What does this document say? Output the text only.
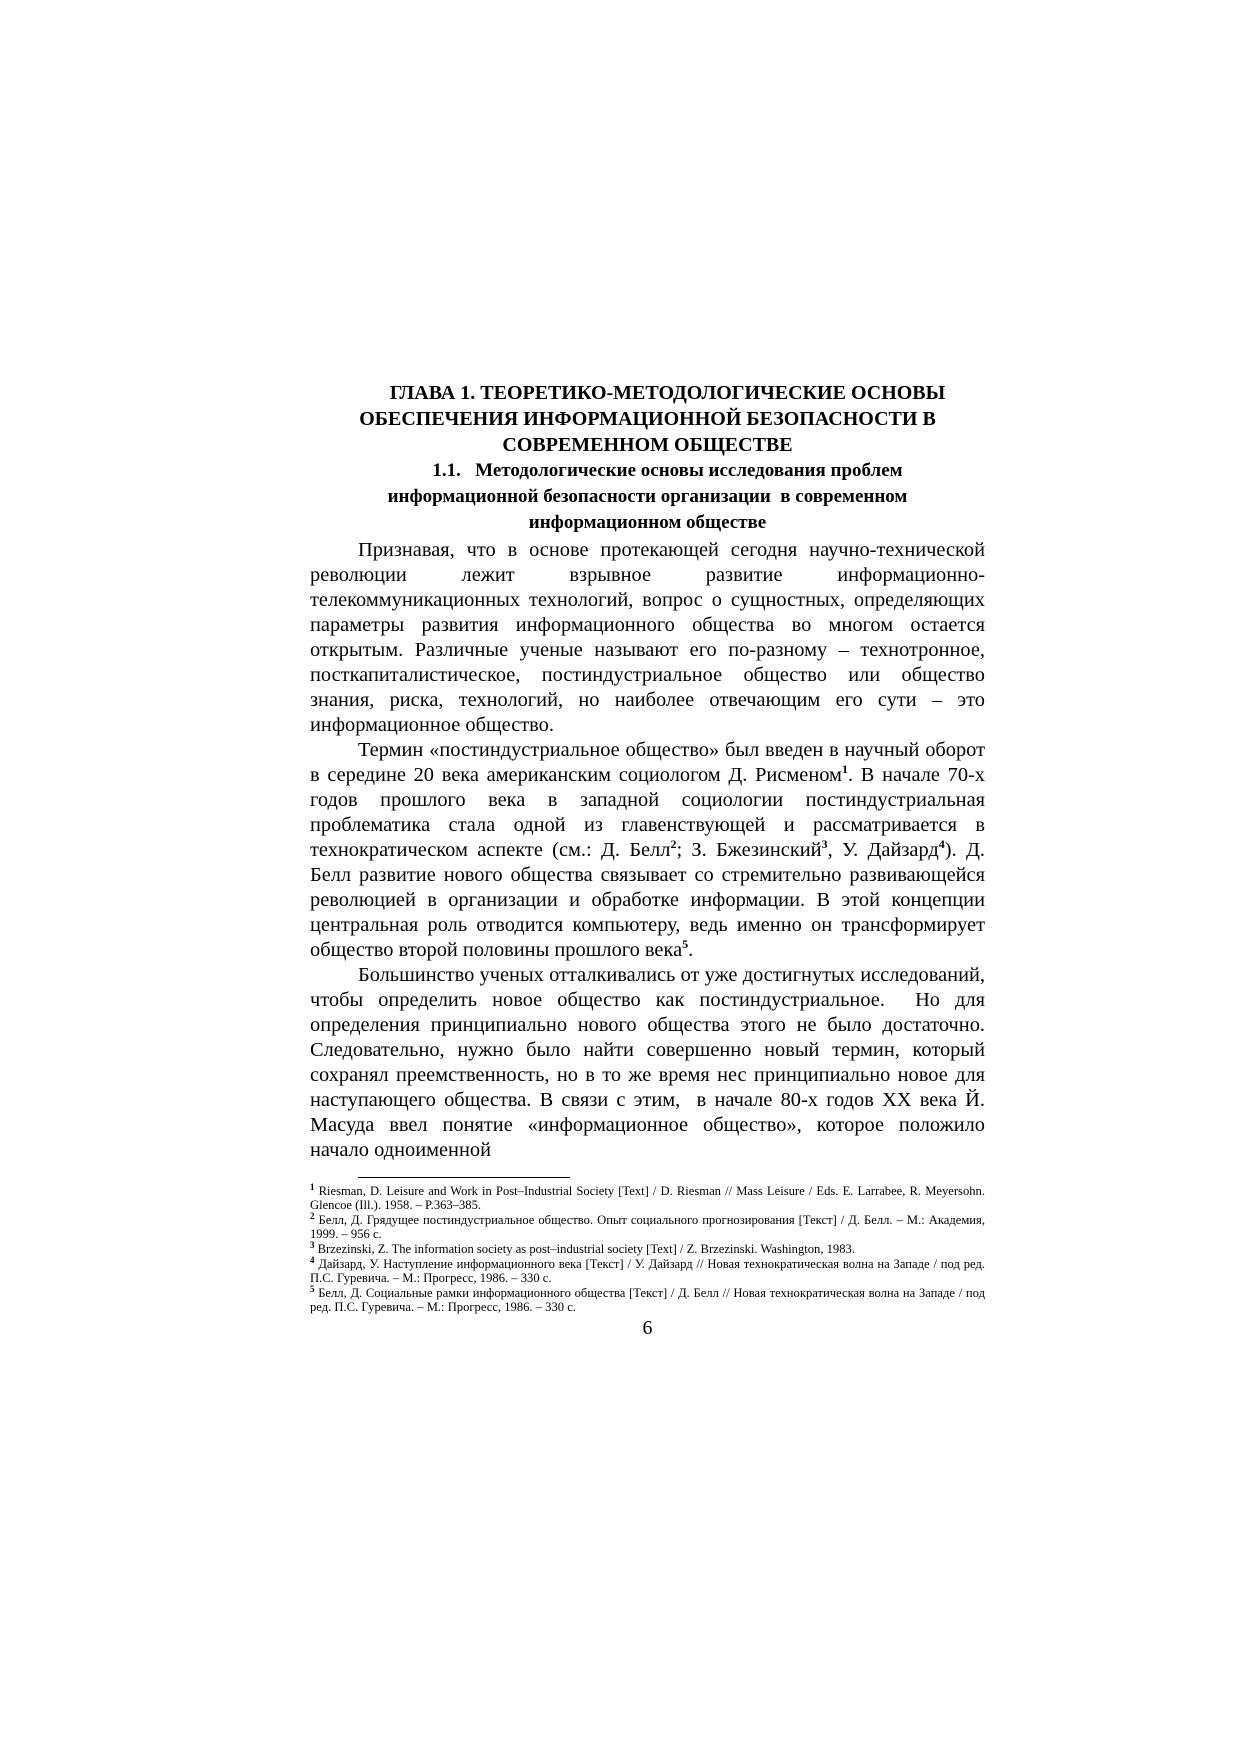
ГЛАВА 1. ТЕОРЕТИКО-МЕТОДОЛОГИЧЕСКИЕ ОСНОВЫ
ОБЕСПЕЧЕНИЯ ИНФОРМАЦИОННОЙ БЕЗОПАСНОСТИ В
СОВРЕМЕННОМ ОБЩЕСТВЕ
1.1.   Методологические основы исследования проблем
информационной безопасности организации  в современном
информационном обществе

Признавая, что в основе протекающей сегодня научно-технической революции лежит взрывное развитие информационно-телекоммуникационных технологий, вопрос о сущностных, определяющих параметры развития информационного общества во многом остается открытым. Различные ученые называют его по-разному – технотронное, посткапиталистическое, постиндустриальное общество или общество знания, риска, технологий, но наиболее отвечающим его сути – это информационное общество.

Термин «постиндустриальное общество» был введен в научный оборот в середине 20 века американским социологом Д. Рисменом$^1$. В начале 70-х годов прошлого века в западной социологии постиндустриальная проблематика стала одной из главенствующей и рассматривается в технократическом аспекте (см.: Д. Белл$^2$; З. Бжезинский$^3$, У. Дайзард$^4$). Д. Белл развитие нового общества связывает со стремительно развивающейся революцией в организации и обработке информации. В этой концепции центральная роль отводится компьютеру, ведь именно он трансформирует общество второй половины прошлого века$^5$.

Большинство ученых отталкивались от уже достигнутых исследований, чтобы определить новое общество как постиндустриальное.  Но для определения принципиально нового общества этого не было достаточно. Следовательно, нужно было найти совершенно новый термин, который сохранял преемственность, но в то же время нес принципиально новое для наступающего общества. В связи с этим,  в начале 80-х годов XX века Й. Масуда ввел понятие «информационное общество», которое положило начало одноименной

$^1$ Riesman, D. Leisure and Work in Post–Industrial Society [Text] / D. Riesman // Mass Leisure / Eds. E. Larrabee, R. Meyersohn. Glencoe (Ill.). 1958. – P.363–385.
$^2$ Белл, Д. Грядущее постиндустриальное общество. Опыт социального прогнозирования [Текст] / Д. Белл. – М.: Академия, 1999. – 956 с.
$^3$ Brzezinski, Z. The information society as post–industrial society [Text] / Z. Brzezinski. Washington, 1983.
$^4$ Дайзард, У. Наступление информационного века [Текст] / У. Дайзард // Новая технократическая волна на Западе / под ред. П.С. Гуревича. – М.: Прогресс, 1986. – 330 с.
$^5$ Белл, Д. Социальные рамки информационного общества [Текст] / Д. Белл // Новая технократическая волна на Западе / под ред. П.С. Гуревича. – М.: Прогресс, 1986. – 330 с.
6
